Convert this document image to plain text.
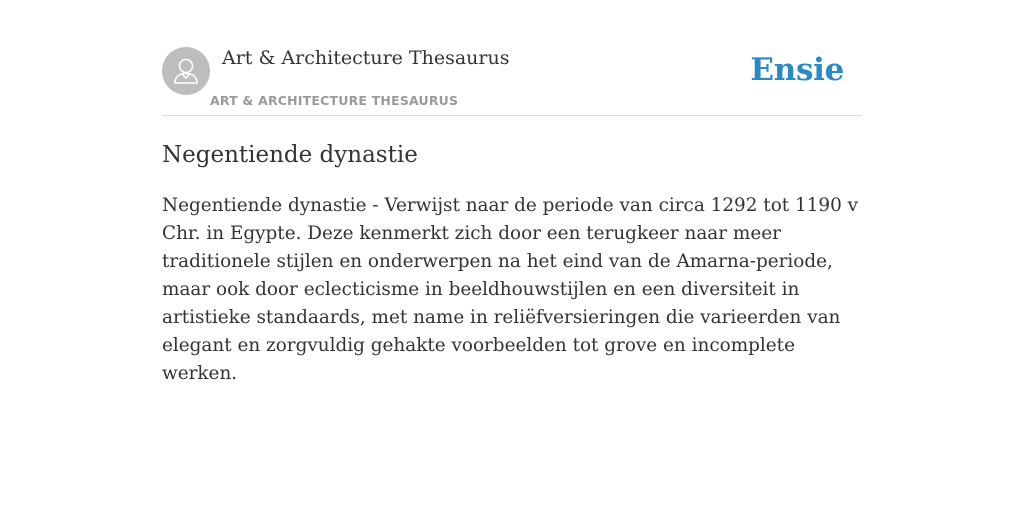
Art & Architecture Thesaurus
ART & ARCHITECTURE THESAURUS
Ensie
Negentiende dynastie

Negentiende dynastie - Verwijst naar de periode van circa 1292 tot 1190 v Chr. in Egypte. Deze kenmerkt zich door een terugkeer naar meer traditionele stijlen en onderwerpen na het eind van de Amarna-periode, maar ook door eclecticisme in beeldhouwstijlen en een diversiteit in artistieke standaards, met name in reliëfversieringen die varieerden van elegant en zorgvuldig gehakte voorbeelden tot grove en incomplete werken.
